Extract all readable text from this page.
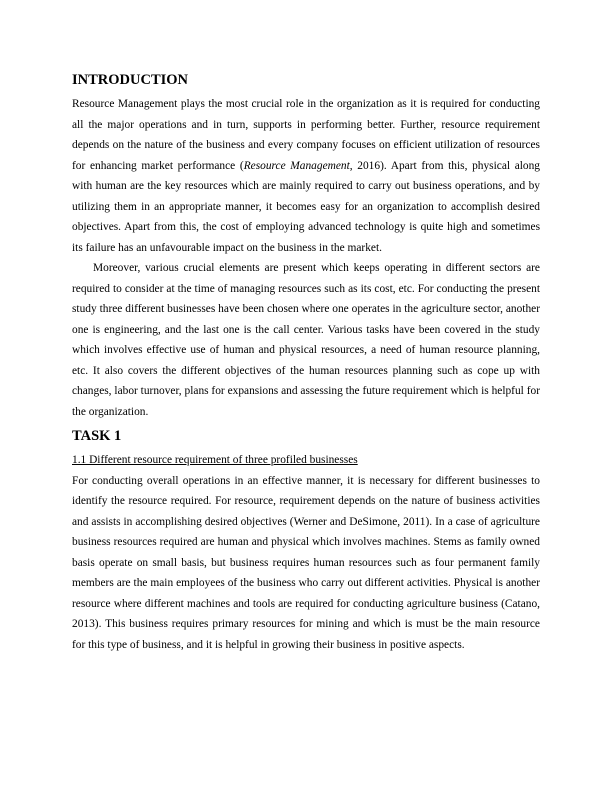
INTRODUCTION

Resource Management plays the most crucial role in the organization as it is required for conducting all the major operations and in turn, supports in performing better. Further, resource requirement depends on the nature of the business and every company focuses on efficient utilization of resources for enhancing market performance (Resource Management, 2016). Apart from this, physical along with human are the key resources which are mainly required to carry out business operations, and by utilizing them in an appropriate manner, it becomes easy for an organization to accomplish desired objectives. Apart from this, the cost of employing advanced technology is quite high and sometimes its failure has an unfavourable impact on the business in the market.

Moreover, various crucial elements are present which keeps operating in different sectors are required to consider at the time of managing resources such as its cost, etc. For conducting the present study three different businesses have been chosen where one operates in the agriculture sector, another one is engineering, and the last one is the call center. Various tasks have been covered in the study which involves effective use of human and physical resources, a need of human resource planning, etc. It also covers the different objectives of the human resources planning such as cope up with changes, labor turnover, plans for expansions and assessing the future requirement which is helpful for the organization.

TASK 1
1.1 Different resource requirement of three profiled businesses

For conducting overall operations in an effective manner, it is necessary for different businesses to identify the resource required. For resource, requirement depends on the nature of business activities and assists in accomplishing desired objectives (Werner and DeSimone, 2011). In a case of agriculture business resources required are human and physical which involves machines. Stems as family owned basis operate on small basis, but business requires human resources such as four permanent family members are the main employees of the business who carry out different activities. Physical is another resource where different machines and tools are required for conducting agriculture business (Catano, 2013). This business requires primary resources for mining and which is must be the main resource for this type of business, and it is helpful in growing their business in positive aspects.
